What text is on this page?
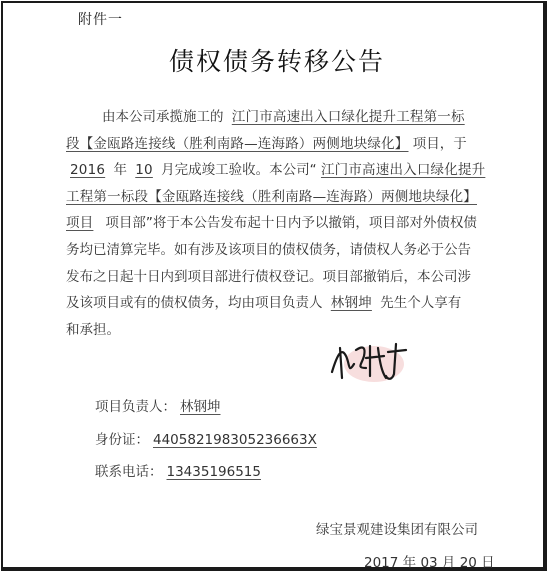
附件一
债权债务转移公告
由本公司承揽施工的 江门市高速出入口绿化提升工程第一标
段【金瓯路连接线（胜利南路—连海路）两侧地块绿化】 项目，于
2016 年 10 月完成竣工验收。本公司“ 江门市高速出入口绿化提升
工程第一标段【金瓯路连接线（胜利南路—连海路）两侧地块绿化】
项目 项目部”将于本公告发布起十日内予以撤销，项目部对外债权债
务均已清算完毕。如有涉及该项目的债权债务，请债权人务必于公告
发布之日起十日内到项目部进行债权登记。项目部撤销后，本公司涉
及该项目或有的债权债务，均由项目负责人 林钢坤 先生个人享有
和承担。
项目负责人： 林钢坤
身份证： 440582198305236663X
联系电话： 13435196515
绿宝景观建设集团有限公司
2017 年 03 月 20 日
